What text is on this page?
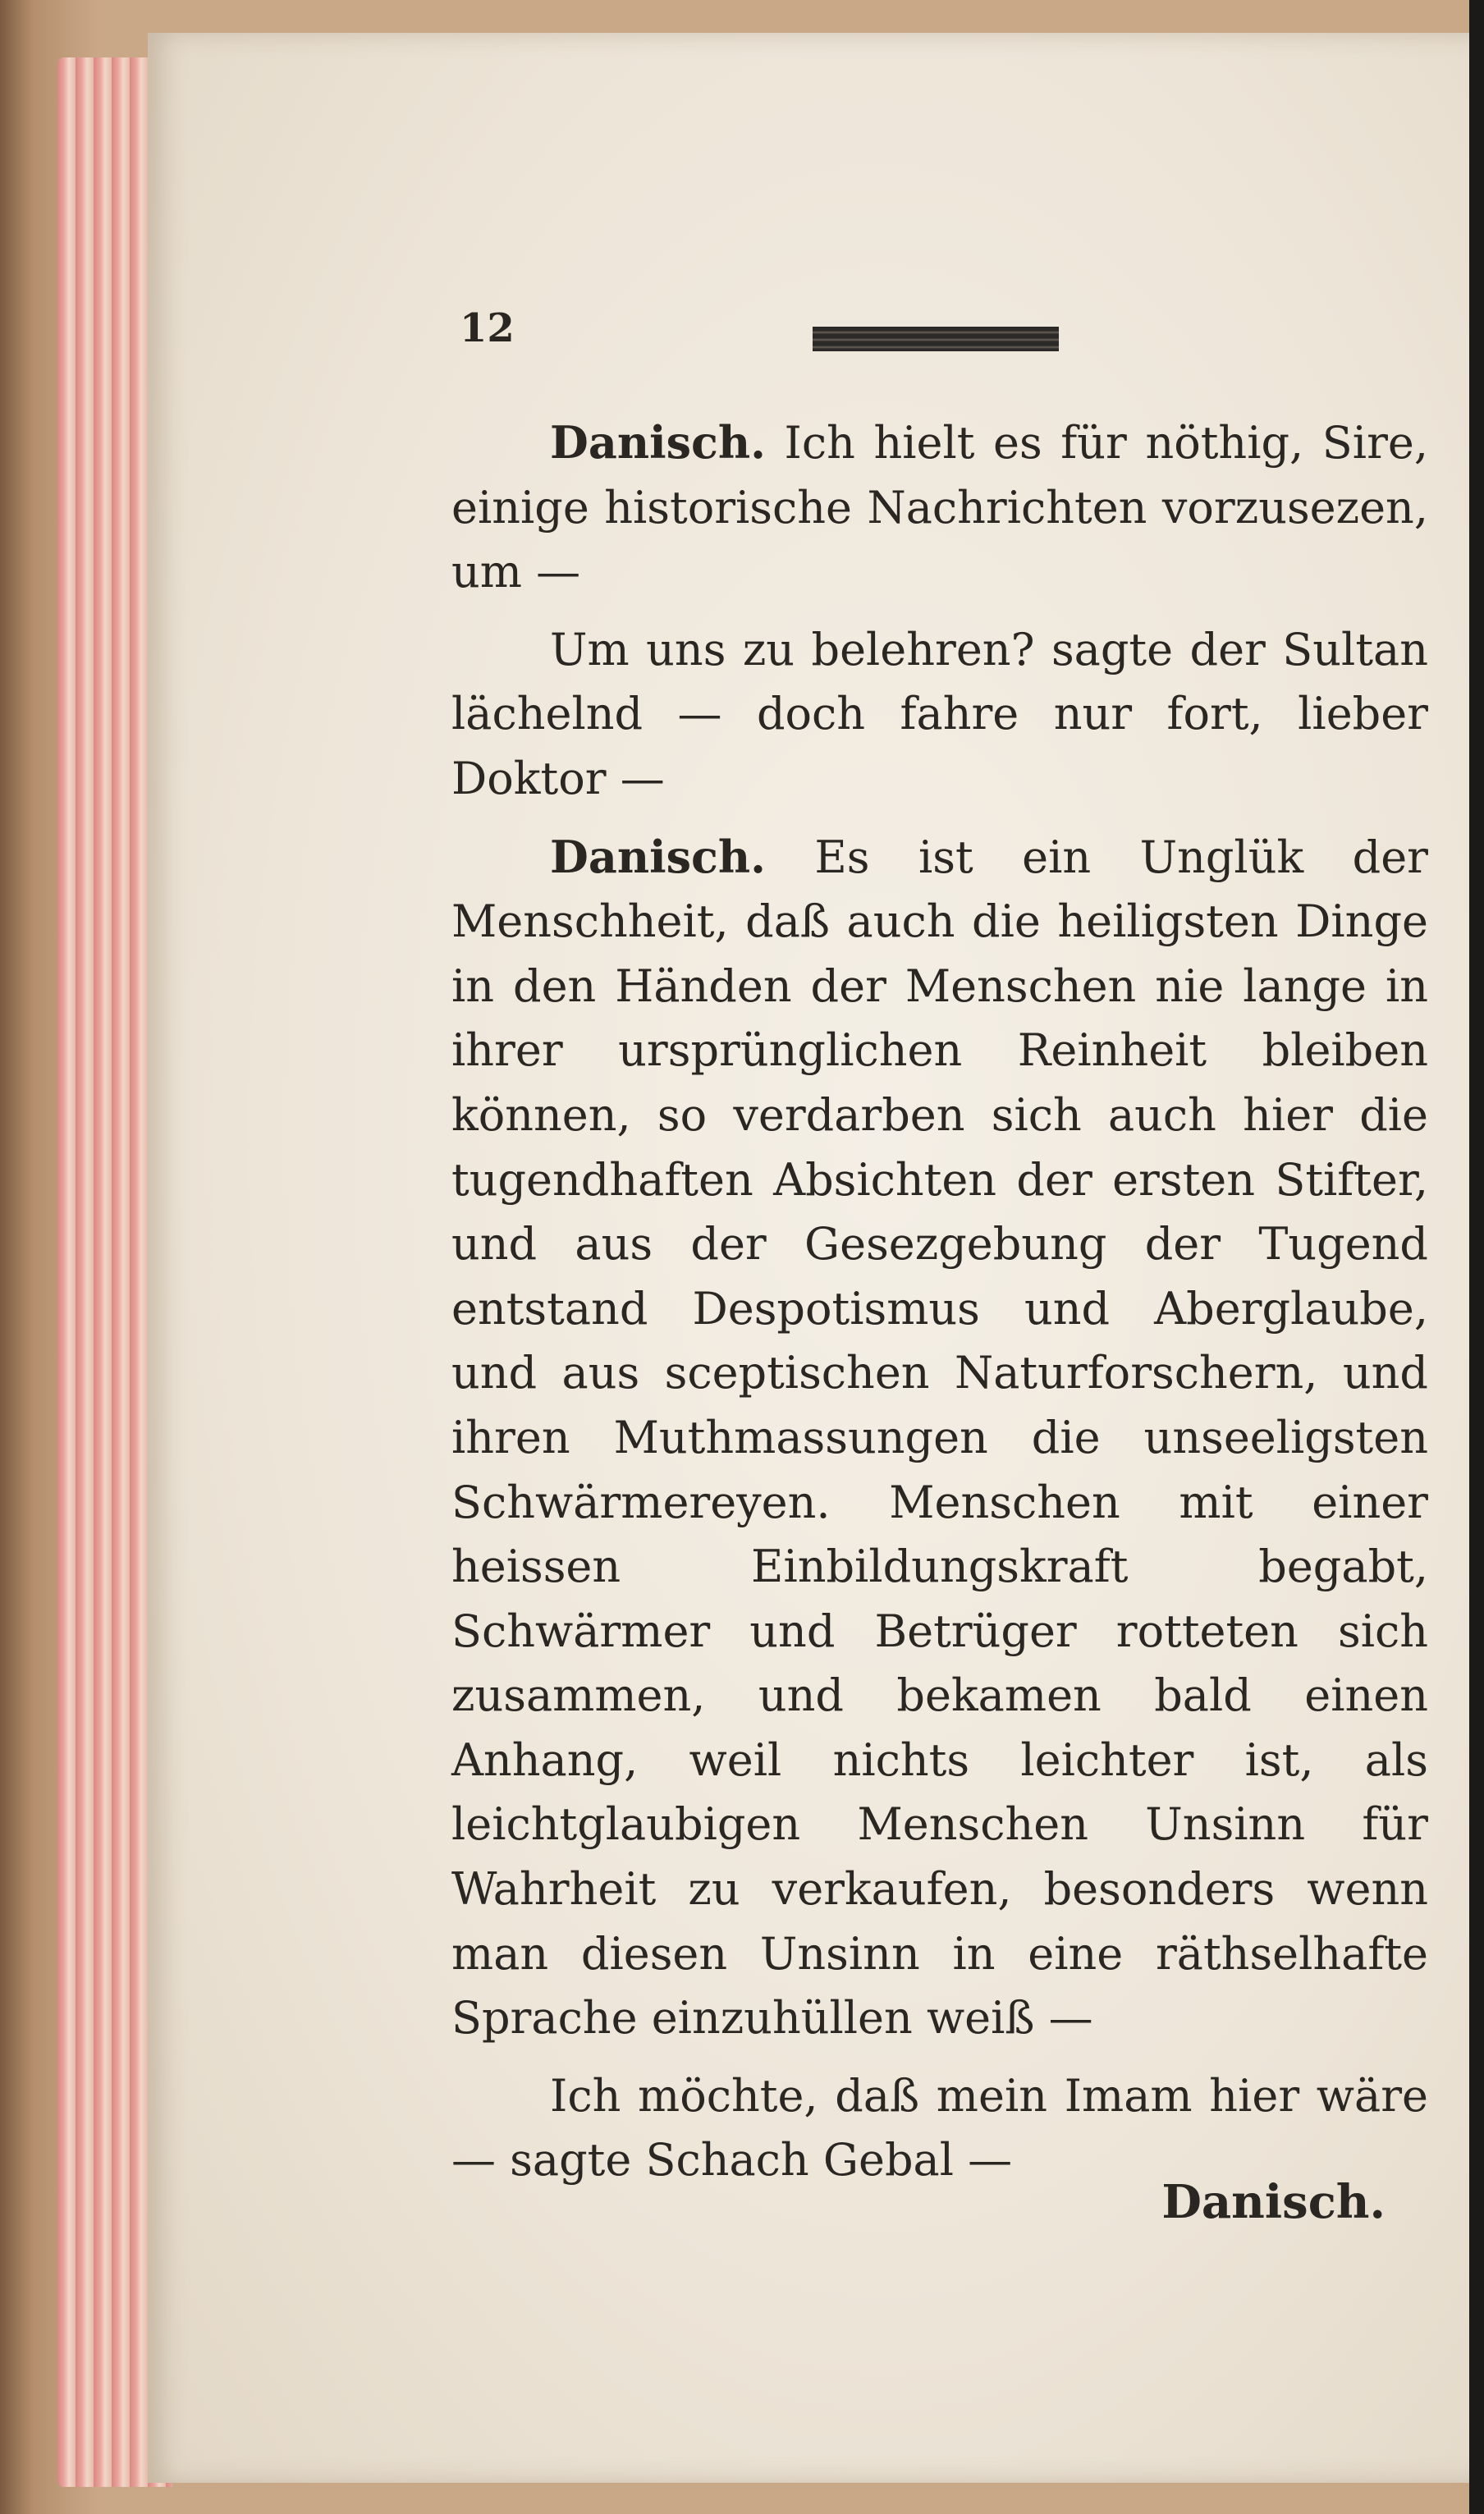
12

Danisch. Ich hielt es für nöthig, Sire, einige historische Nachrichten vorzusezen, um —

Um uns zu belehren? sagte der Sultan lächelnd — doch fahre nur fort, lieber Doktor —

Danisch. Es ist ein Unglük der Menschheit, daß auch die heiligsten Dinge in den Händen der Menschen nie lange in ihrer ursprünglichen Reinheit bleiben können, so verdarben sich auch hier die tugendhaften Absichten der ersten Stifter, und aus der Gesezgebung der Tugend entstand Despotismus und Aberglaube, und aus sceptischen Naturforschern, und ihren Muthmassungen die unseeligsten Schwärmereyen. Menschen mit einer heissen Einbildungskraft begabt, Schwärmer und Betrüger rotteten sich zusammen, und bekamen bald einen Anhang, weil nichts leichter ist, als leichtglaubigen Menschen Unsinn für Wahrheit zu verkaufen, besonders wenn man diesen Unsinn in eine räthselhafte Sprache einzuhüllen weiß —

Ich möchte, daß mein Imam hier wäre — sagte Schach Gebal —

Danisch.
